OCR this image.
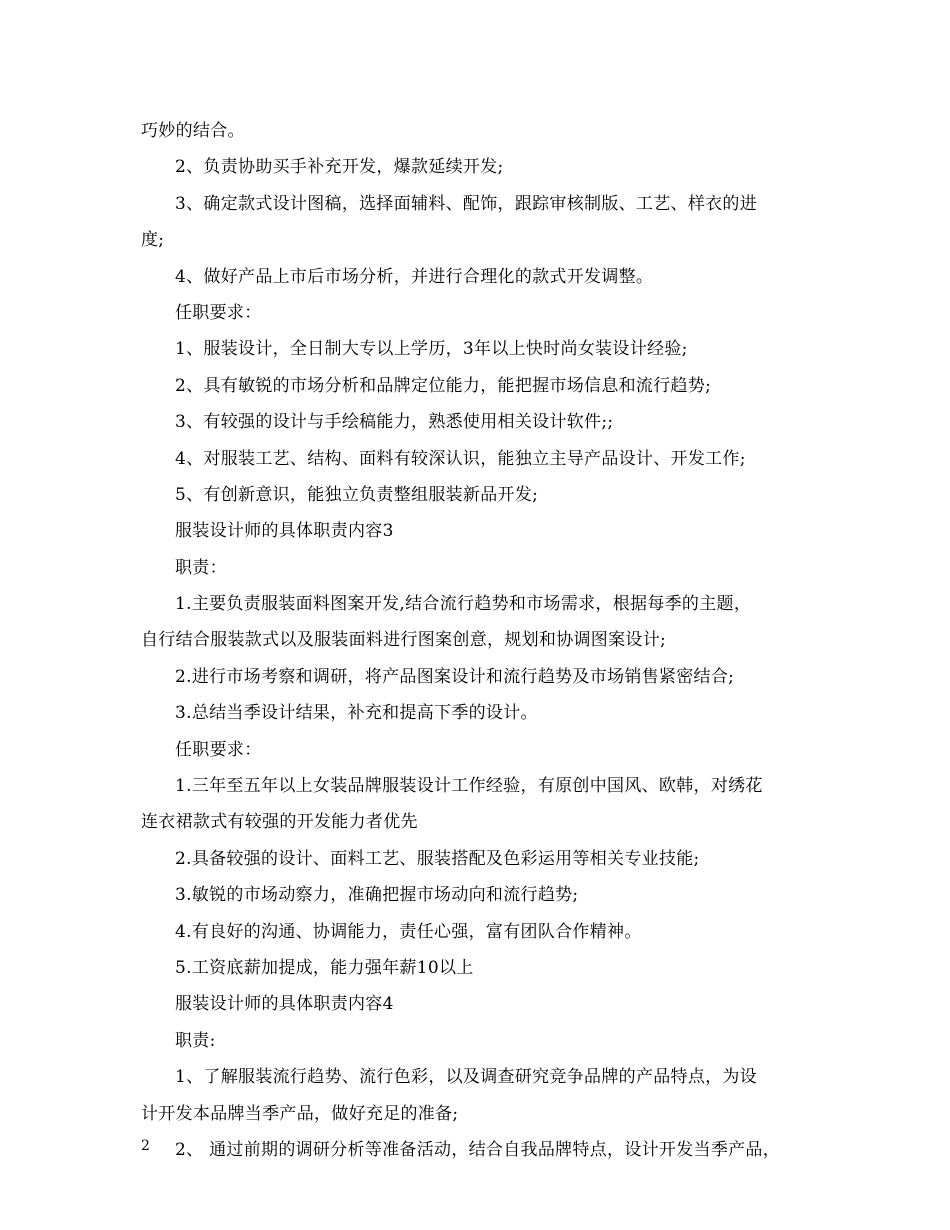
巧妙的结合。
2、负责协助买手补充开发，爆款延续开发;
3、确定款式设计图稿，选择面辅料、配饰，跟踪审核制版、工艺、样衣的进
度;
4、做好产品上市后市场分析，并进行合理化的款式开发调整。
任职要求：
1、服装设计，全日制大专以上学历，3年以上快时尚女装设计经验;
2、具有敏锐的市场分析和品牌定位能力，能把握市场信息和流行趋势;
3、有较强的设计与手绘稿能力，熟悉使用相关设计软件;;
4、对服装工艺、结构、面料有较深认识，能独立主导产品设计、开发工作;
5、有创新意识，能独立负责整组服装新品开发;
服装设计师的具体职责内容3
职责：
1.主要负责服装面料图案开发,结合流行趋势和市场需求，根据每季的主题，
自行结合服装款式以及服装面料进行图案创意，规划和协调图案设计;
2.进行市场考察和调研，将产品图案设计和流行趋势及市场销售紧密结合;
3.总结当季设计结果，补充和提高下季的设计。
任职要求：
1.三年至五年以上女装品牌服装设计工作经验，有原创中国风、欧韩，对绣花
连衣裙款式有较强的开发能力者优先
2.具备较强的设计、面料工艺、服装搭配及色彩运用等相关专业技能;
3.敏锐的市场动察力，准确把握市场动向和流行趋势;
4.有良好的沟通、协调能力，责任心强，富有团队合作精神。
5.工资底薪加提成，能力强年薪10以上
服装设计师的具体职责内容4
职责:
1、了解服装流行趋势、流行色彩，以及调查研究竞争品牌的产品特点，为设
计开发本品牌当季产品，做好充足的准备;
2、 通过前期的调研分析等准备活动，结合自我品牌特点，设计开发当季产品，
2
